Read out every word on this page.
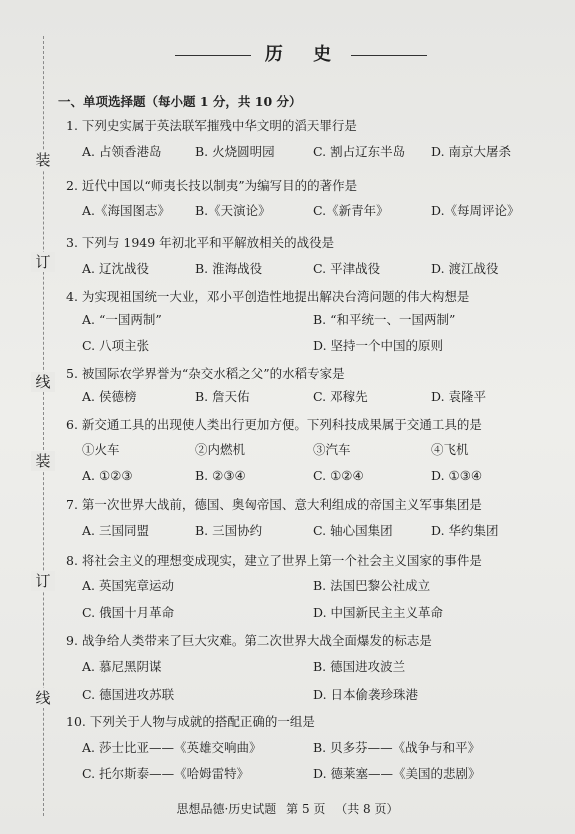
装
订
线
装
订
线
历 史
一、单项选择题（每小题 1 分，共 10 分）
1. 下列史实属于英法联军摧残中华文明的滔天罪行是
A. 占领香港岛	B. 火烧圆明园	C. 割占辽东半岛 D. 南京大屠杀
2. 近代中国以“师夷长技以制夷”为编写目的的著作是
A.《海国图志》 B.《天演论》	C.《新青年》	D.《每周评论》
3. 下列与 1949 年初北平和平解放相关的战役是
A. 辽沈战役	B. 淮海战役	C. 平津战役	D. 渡江战役
4. 为实现祖国统一大业，邓小平创造性地提出解决台湾问题的伟大构想是
A. “一国两制”	B. “和平统一、一国两制”
C. 八项主张	D. 坚持一个中国的原则
5. 被国际农学界誉为“杂交水稻之父”的水稻专家是
A. 侯德榜	B. 詹天佑	C. 邓稼先	D. 袁隆平
6. 新交通工具的出现使人类出行更加方便。下列科技成果属于交通工具的是
①火车	②内燃机	③汽车	④飞机
A. ①②③	B. ②③④	C. ①②④	D. ①③④
7. 第一次世界大战前，德国、奥匈帝国、意大利组成的帝国主义军事集团是
A. 三国同盟	B. 三国协约	C. 轴心国集团	D. 华约集团
8. 将社会主义的理想变成现实，建立了世界上第一个社会主义国家的事件是
A. 英国宪章运动	B. 法国巴黎公社成立
C. 俄国十月革命	D. 中国新民主主义革命
9. 战争给人类带来了巨大灾难。第二次世界大战全面爆发的标志是
A. 慕尼黑阴谋	B. 德国进攻波兰
C. 德国进攻苏联	D. 日本偷袭珍珠港
10. 下列关于人物与成就的搭配正确的一组是
A. 莎士比亚——《英雄交响曲》	B. 贝多芬——《战争与和平》
C. 托尔斯泰——《哈姆雷特》	D. 德莱塞——《美国的悲剧》
思想品德·历史试题 第 5 页 （共 8 页）
